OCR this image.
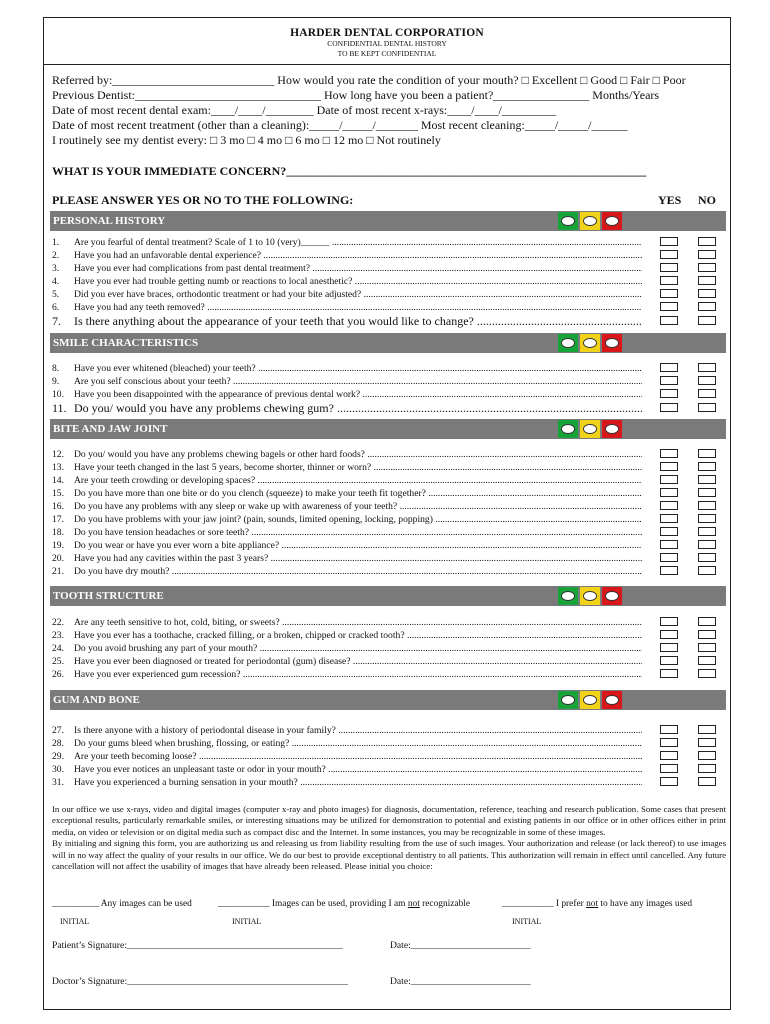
HARDER DENTAL CORPORATION
CONFIDENTIAL DENTAL HISTORY
TO BE KEPT CONFIDENTIAL
Referred by:___________________________ How would you rate the condition of your mouth? □ Excellent □ Good □ Fair □ Poor
Previous Dentist:_______________________________ How long have you been a patient?________________ Months/Years
Date of most recent dental exam:____/____/________ Date of most recent x-rays:____/____/_________
Date of most recent treatment (other than a cleaning):_____/_____/_______ Most recent cleaning:_____/_____/______
I routinely see my dentist every: □ 3 mo □ 4 mo □ 6 mo □ 12 mo □ Not routinely
WHAT IS YOUR IMMEDIATE CONCERN?____________________________________________________________
PLEASE ANSWER YES OR NO TO THE FOLLOWING:	YES NO
PERSONAL HISTORY
1. Are you fearful of dental treatment? Scale of 1 to 10 (very)______ .....
2. Have you had an unfavorable dental experience? .....
3. Have you ever had complications from past dental treatment? .....
4. Have you ever had trouble getting numb or reactions to local anesthetic? .....
5. Did you ever have braces, orthodontic treatment or had your bite adjusted? .....
6. Have you had any teeth removed? .....
7. Is there anything about the appearance of your teeth that you would like to change? .....
SMILE CHARACTERISTICS
8. Have you ever whitened (bleached) your teeth? .....
9. Are you self conscious about your teeth? .....
10. Have you been disappointed with the appearance of previous dental work? .....
11. Do you/ would you have any problems chewing gum? .....
BITE AND JAW JOINT
12. Do you/ would you have any problems chewing bagels or other hard foods? .....
13. Have your teeth changed in the last 5 years, become shorter, thinner or worn? .....
14. Are your teeth crowding or developing spaces? .....
15. Do you have more than one bite or do you clench (squeeze) to make your teeth fit together? .....
16. Do you have any problems with any sleep or wake up with awareness of your teeth? .....
17. Do you have problems with your jaw joint? (pain, sounds, limited opening, locking, popping) .....
18. Do you have tension headaches or sore teeth? .....
19. Do you wear or have you ever worn a bite appliance? .....
20. Have you had any cavities within the past 3 years? .....
21. Do you have dry mouth? .....
TOOTH STRUCTURE
22. Are any teeth sensitive to hot, cold, biting, or sweets? .....
23. Have you ever has a toothache, cracked filling, or a broken, chipped or cracked tooth? .....
24. Do you avoid brushing any part of your mouth? .....
25. Have you ever been diagnosed or treated for periodontal (gum) disease? .....
26. Have you ever experienced gum recession? .....
GUM AND BONE
27. Is there anyone with a history of periodontal disease in your family? .....
28. Do your gums bleed when brushing, flossing, or eating? .....
29. Are your teeth becoming loose? .....
30. Have you ever notices an unpleasant taste or odor in your mouth? .....
31. Have you experienced a burning sensation in your mouth? .....
In our office we use x-rays, video and digital images (computer x-ray and photo images) for diagnosis, documentation, reference, teaching and research publication. Some cases that present exceptional results, particularly remarkable smiles, or interesting situations may be utilized for demonstration to potential and existing patients in our office or in other offices either in print media, on video or television or on digital media such as compact disc and the Internet. In some instances, you may be recognizable in some of these images.
By initialing and signing this form, you are authorizing us and releasing us from liability resulting from the use of such images. Your authorization and release (or lack thereof) to use images will in no way affect the quality of your results in our office. We do our best to provide exceptional dentistry to all patients. This authorization will remain in effect until cancelled. Any future cancellation will not affect the usability of images that have already been released. Please initial you choice:
__________ Any images can be used	___________ Images can be used, providing I am not recognizable	___________ I prefer not to have any images used
INITIAL	INITIAL	INITIAL
Patient’s Signature:_____________________________________________	Date:_________________________
Doctor’s Signature:______________________________________________	Date:_________________________
